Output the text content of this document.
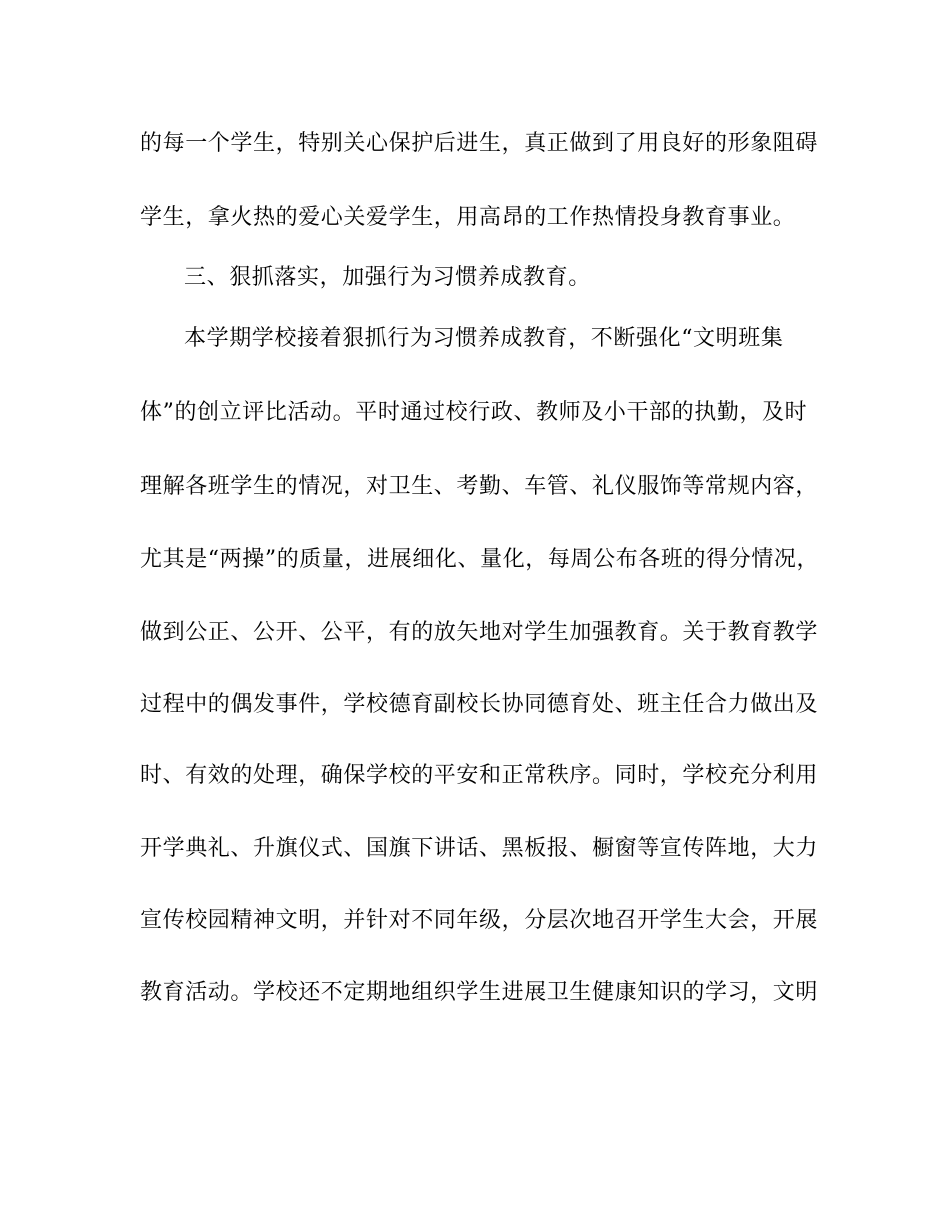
的每一个学生，特别关心保护后进生，真正做到了用良好的形象阻碍

学生，拿火热的爱心关爱学生，用高昂的工作热情投身教育事业。

三、狠抓落实，加强行为习惯养成教育。

本学期学校接着狠抓行为习惯养成教育，不断强化“文明班集

体”的创立评比活动。平时通过校行政、教师及小干部的执勤，及时

理解各班学生的情况，对卫生、考勤、车管、礼仪服饰等常规内容，

尤其是“两操”的质量，进展细化、量化，每周公布各班的得分情况，

做到公正、公开、公平，有的放矢地对学生加强教育。关于教育教学

过程中的偶发事件，学校德育副校长协同德育处、班主任合力做出及

时、有效的处理，确保学校的平安和正常秩序。同时，学校充分利用

开学典礼、升旗仪式、国旗下讲话、黑板报、橱窗等宣传阵地，大力

宣传校园精神文明，并针对不同年级，分层次地召开学生大会，开展

教育活动。学校还不定期地组织学生进展卫生健康知识的学习，文明
